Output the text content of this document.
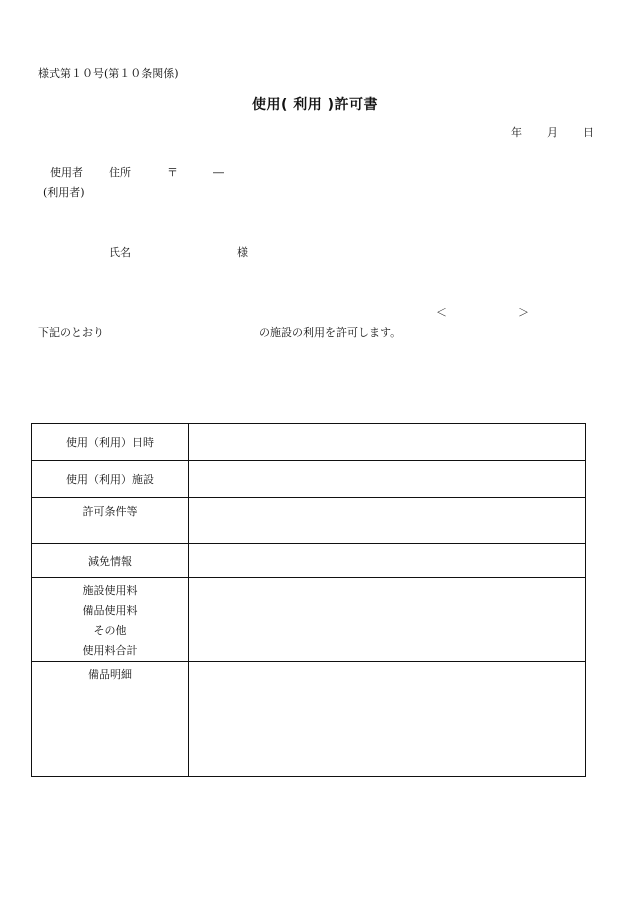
様式第１０号(第１０条関係)
使用( 利用 )許可書
年 月 日
使用者
(利用者)
住所	〒	―
氏名	様
＜	＞
下記のとおり	の施設の利用を許可します。
使用（利用）日時	
使用（利用）施設	
許可条件等	
減免情報	

施設使用料
備品使用料
その他
使用料合計	

備品明細	
